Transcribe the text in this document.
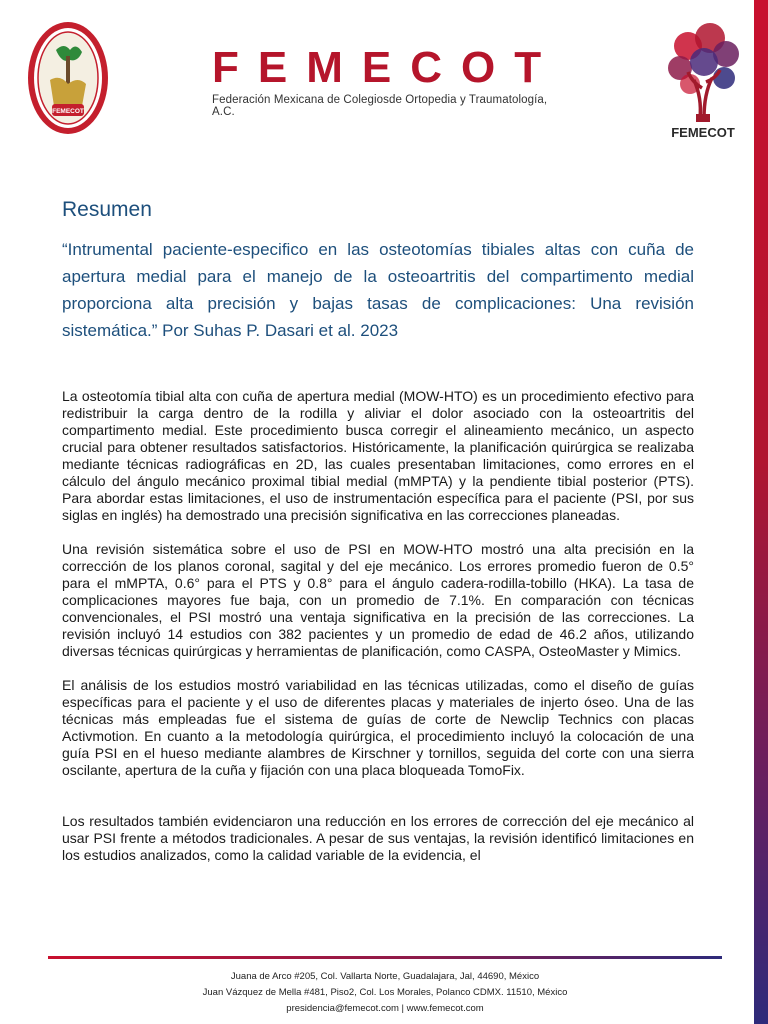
FEMECOT
FEMECOT
Federación Mexicana de Colegiosde Ortopedia y Traumatología, A.C.
FEMECOT
Resumen

“Intrumental paciente-especifico en las osteotomías tibiales altas con cuña de apertura medial para el manejo de la osteoartritis del compartimento medial proporciona alta precisión y bajas tasas de complicaciones: Una revisión sistemática.” Por Suhas P. Dasari et al. 2023

La osteotomía tibial alta con cuña de apertura medial (MOW-HTO) es un procedimiento efectivo para redistribuir la carga dentro de la rodilla y aliviar el dolor asociado con la osteoartritis del compartimento medial. Este procedimiento busca corregir el alineamiento mecánico, un aspecto crucial para obtener resultados satisfactorios. Históricamente, la planificación quirúrgica se realizaba mediante técnicas radiográficas en 2D, las cuales presentaban limitaciones, como errores en el cálculo del ángulo mecánico proximal tibial medial (mMPTA) y la pendiente tibial posterior (PTS). Para abordar estas limitaciones, el uso de instrumentación específica para el paciente (PSI, por sus siglas en inglés) ha demostrado una precisión significativa en las correcciones planeadas.

Una revisión sistemática sobre el uso de PSI en MOW-HTO mostró una alta precisión en la corrección de los planos coronal, sagital y del eje mecánico. Los errores promedio fueron de 0.5° para el mMPTA, 0.6° para el PTS y 0.8° para el ángulo cadera-rodilla-tobillo (HKA). La tasa de complicaciones mayores fue baja, con un promedio de 7.1%. En comparación con técnicas convencionales, el PSI mostró una ventaja significativa en la precisión de las correcciones. La revisión incluyó 14 estudios con 382 pacientes y un promedio de edad de 46.2 años, utilizando diversas técnicas quirúrgicas y herramientas de planificación, como CASPA, OsteoMaster y Mimics.

El análisis de los estudios mostró variabilidad en las técnicas utilizadas, como el diseño de guías específicas para el paciente y el uso de diferentes placas y materiales de injerto óseo. Una de las técnicas más empleadas fue el sistema de guías de corte de Newclip Technics con placas Activmotion. En cuanto a la metodología quirúrgica, el procedimiento incluyó la colocación de una guía PSI en el hueso mediante alambres de Kirschner y tornillos, seguida del corte con una sierra oscilante, apertura de la cuña y fijación con una placa bloqueada TomoFix.

Los resultados también evidenciaron una reducción en los errores de corrección del eje mecánico al usar PSI frente a métodos tradicionales. A pesar de sus ventajas, la revisión identificó limitaciones en los estudios analizados, como la calidad variable de la evidencia, el

Juana de Arco #205, Col. Vallarta Norte, Guadalajara, Jal, 44690, México
Juan Vázquez de Mella #481, Piso2, Col. Los Morales, Polanco CDMX. 11510, México
presidencia@femecot.com | www.femecot.com
